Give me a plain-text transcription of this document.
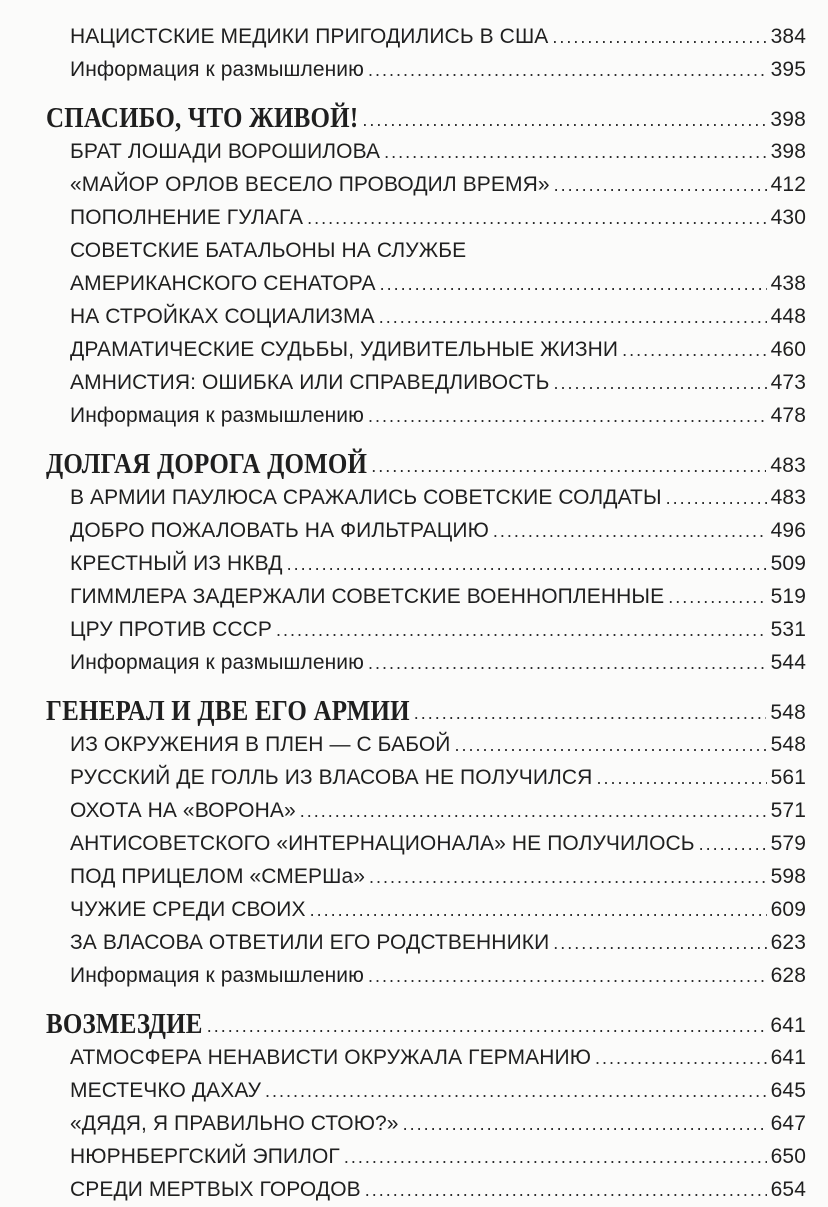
НАЦИСТСКИЕ МЕДИКИ ПРИГОДИЛИСЬ В США .....	384
Информация к размышлению .....	395
СПАСИБО, ЧТО ЖИВОЙ! .....	398
БРАТ ЛОШАДИ ВОРОШИЛОВА .....	398
«МАЙОР ОРЛОВ ВЕСЕЛО ПРОВОДИЛ ВРЕМЯ» .....	412
ПОПОЛНЕНИЕ ГУЛАГА .....	430
СОВЕТСКИЕ БАТАЛЬОНЫ НА СЛУЖБЕ
АМЕРИКАНСКОГО СЕНАТОРА .....	438
НА СТРОЙКАХ СОЦИАЛИЗМА .....	448
ДРАМАТИЧЕСКИЕ СУДЬБЫ, УДИВИТЕЛЬНЫЕ ЖИЗНИ .....	460
АМНИСТИЯ: ОШИБКА ИЛИ СПРАВЕДЛИВОСТЬ .....	473
Информация к размышлению .....	478
ДОЛГАЯ ДОРОГА ДОМОЙ .....	483
В АРМИИ ПАУЛЮСА СРАЖАЛИСЬ СОВЕТСКИЕ СОЛДАТЫ .....	483
ДОБРО ПОЖАЛОВАТЬ НА ФИЛЬТРАЦИЮ .....	496
КРЕСТНЫЙ ИЗ НКВД .....	509
ГИММЛЕРА ЗАДЕРЖАЛИ СОВЕТСКИЕ ВОЕННОПЛЕННЫЕ .....	519
ЦРУ ПРОТИВ СССР .....	531
Информация к размышлению .....	544
ГЕНЕРАЛ И ДВЕ ЕГО АРМИИ .....	548
ИЗ ОКРУЖЕНИЯ В ПЛЕН — С БАБОЙ .....	548
РУССКИЙ ДЕ ГОЛЛЬ ИЗ ВЛАСОВА НЕ ПОЛУЧИЛСЯ .....	561
ОХОТА НА «ВОРОНА» .....	571
АНТИСОВЕТСКОГО «ИНТЕРНАЦИОНАЛА» НЕ ПОЛУЧИЛОСЬ .....	579
ПОД ПРИЦЕЛОМ «СМЕРШа» .....	598
ЧУЖИЕ СРЕДИ СВОИХ .....	609
ЗА ВЛАСОВА ОТВЕТИЛИ ЕГО РОДСТВЕННИКИ .....	623
Информация к размышлению .....	628
ВОЗМЕЗДИЕ .....	641
АТМОСФЕРА НЕНАВИСТИ ОКРУЖАЛА ГЕРМАНИЮ .....	641
МЕСТЕЧКО ДАХАУ .....	645
«ДЯДЯ, Я ПРАВИЛЬНО СТОЮ?» .....	647
НЮРНБЕРГСКИЙ ЭПИЛОГ .....	650
СРЕДИ МЕРТВЫХ ГОРОДОВ .....	654
